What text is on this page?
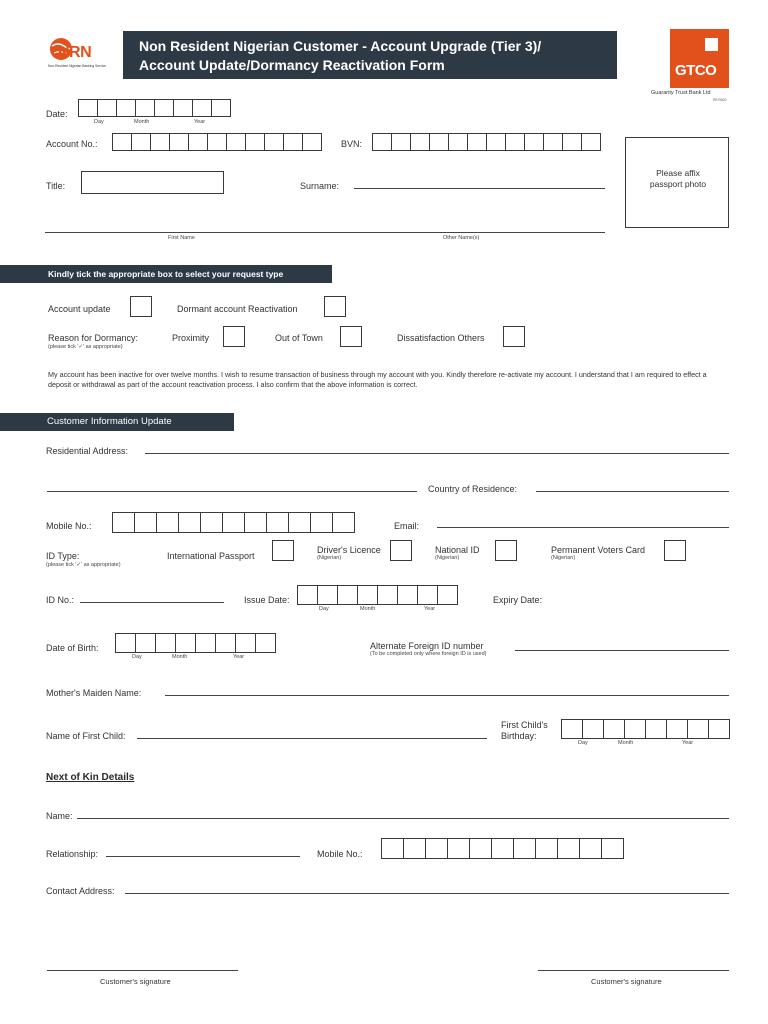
NRN
Non-Resident Nigerian Banking Service
Non Resident Nigerian Customer - Account Upgrade (Tier 3)/
Account Update/Dormancy Reactivation Form	GTCO
Guaranty Trust Bank Ltd
RF/0520
Date:
Day	Month	Year
Account No.:	BVN:
Please affix passport photo
Title:	Surname:
First Name	Other Name(s)
Kindly tick the appropriate box to select your request type
Account update	Dormant account Reactivation
Reason for Dormancy:
(please tick '✓' as appropriate)
Proximity	Out of Town	Dissatisfaction Others
My account has been inactive for over twelve months. I wish to resume transaction of business through my account with you. Kindly therefore re-activate my account. I understand that I am required to effect a deposit or withdrawal as part of the account reactivation process. I also confirm that the above information is correct.
Customer Information Update
Residential Address:
Country of Residence:
Mobile No.:	Email:
ID Type:
(please tick '✓' as appropriate)
International Passport
Driver's Licence
(Nigerian)
National ID
(Nigerian)
Permanent Voters Card
(Nigerian)
ID No.:	Issue Date:
Day	Month	Year
Expiry Date:
Date of Birth:
Day	Month	Year
Alternate Foreign ID number
(To be completed only where foreign ID is used)
Mother's Maiden Name:
Name of First Child:
First Child's
Birthday:
Day	Month	Year
Next of Kin Details
Name:
Relationship:	Mobile No.:
Contact Address:
Customer's signature	Customer's signature
